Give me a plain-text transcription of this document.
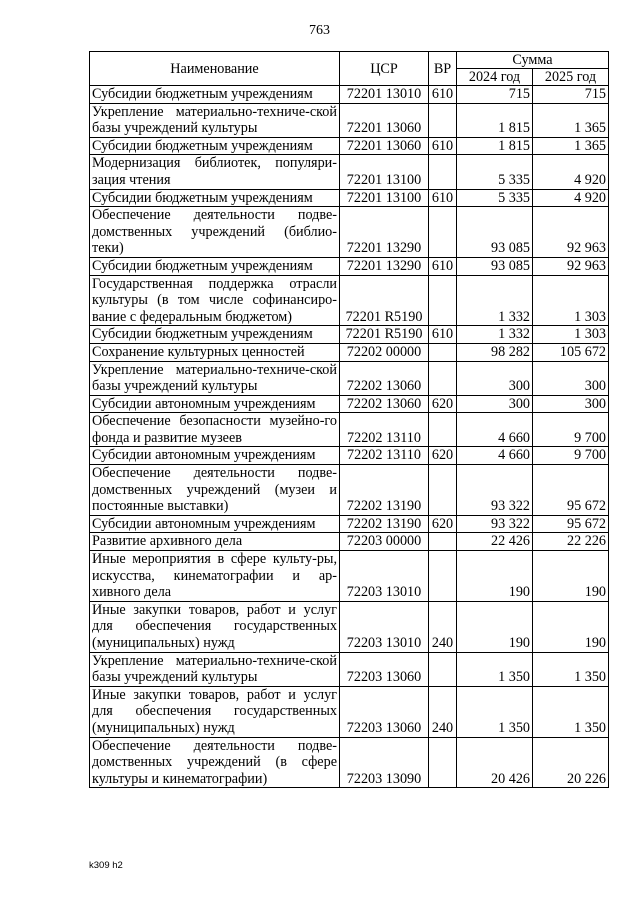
763
Наименование	ЦСР	ВР	Сумма	
			2024 год	2025 год
Субсидии бюджетным учреждениям	72201 13010	610	715	715
Укрепление материально-техниче-ской базы учреждений культуры	72201 13060		1 815	1 365
Субсидии бюджетным учреждениям	72201 13060	610	1 815	1 365
Модернизация библиотек, популяри-зация чтения	72201 13100		5 335	4 920
Субсидии бюджетным учреждениям	72201 13100	610	5 335	4 920
Обеспечение деятельности подве-домственных учреждений (библио-теки)	72201 13290		93 085	92 963
Субсидии бюджетным учреждениям	72201 13290	610	93 085	92 963
Государственная поддержка отрасли культуры (в том числе софинансиро-вание с федеральным бюджетом)	72201 R5190		1 332	1 303
Субсидии бюджетным учреждениям	72201 R5190	610	1 332	1 303
Сохранение культурных ценностей	72202 00000		98 282	105 672
Укрепление материально-техниче-ской базы учреждений культуры	72202 13060		300	300
Субсидии автономным учреждениям	72202 13060	620	300	300
Обеспечение безопасности музейно-го фонда и развитие музеев	72202 13110		4 660	9 700
Субсидии автономным учреждениям	72202 13110	620	4 660	9 700
Обеспечение деятельности подве-домственных учреждений (музеи и постоянные выставки)	72202 13190		93 322	95 672
Субсидии автономным учреждениям	72202 13190	620	93 322	95 672
Развитие архивного дела	72203 00000		22 426	22 226
Иные мероприятия в сфере культу-ры, искусства, кинематографии и ар-хивного дела	72203 13010		190	190
Иные закупки товаров, работ и услуг для обеспечения государственных (муниципальных) нужд	72203 13010	240	190	190
Укрепление материально-техниче-ской базы учреждений культуры	72203 13060		1 350	1 350
Иные закупки товаров, работ и услуг для обеспечения государственных (муниципальных) нужд	72203 13060	240	1 350	1 350
Обеспечение деятельности подве-домственных учреждений (в сфере культуры и кинематографии)	72203 13090		20 426	20 226
k309 h2
